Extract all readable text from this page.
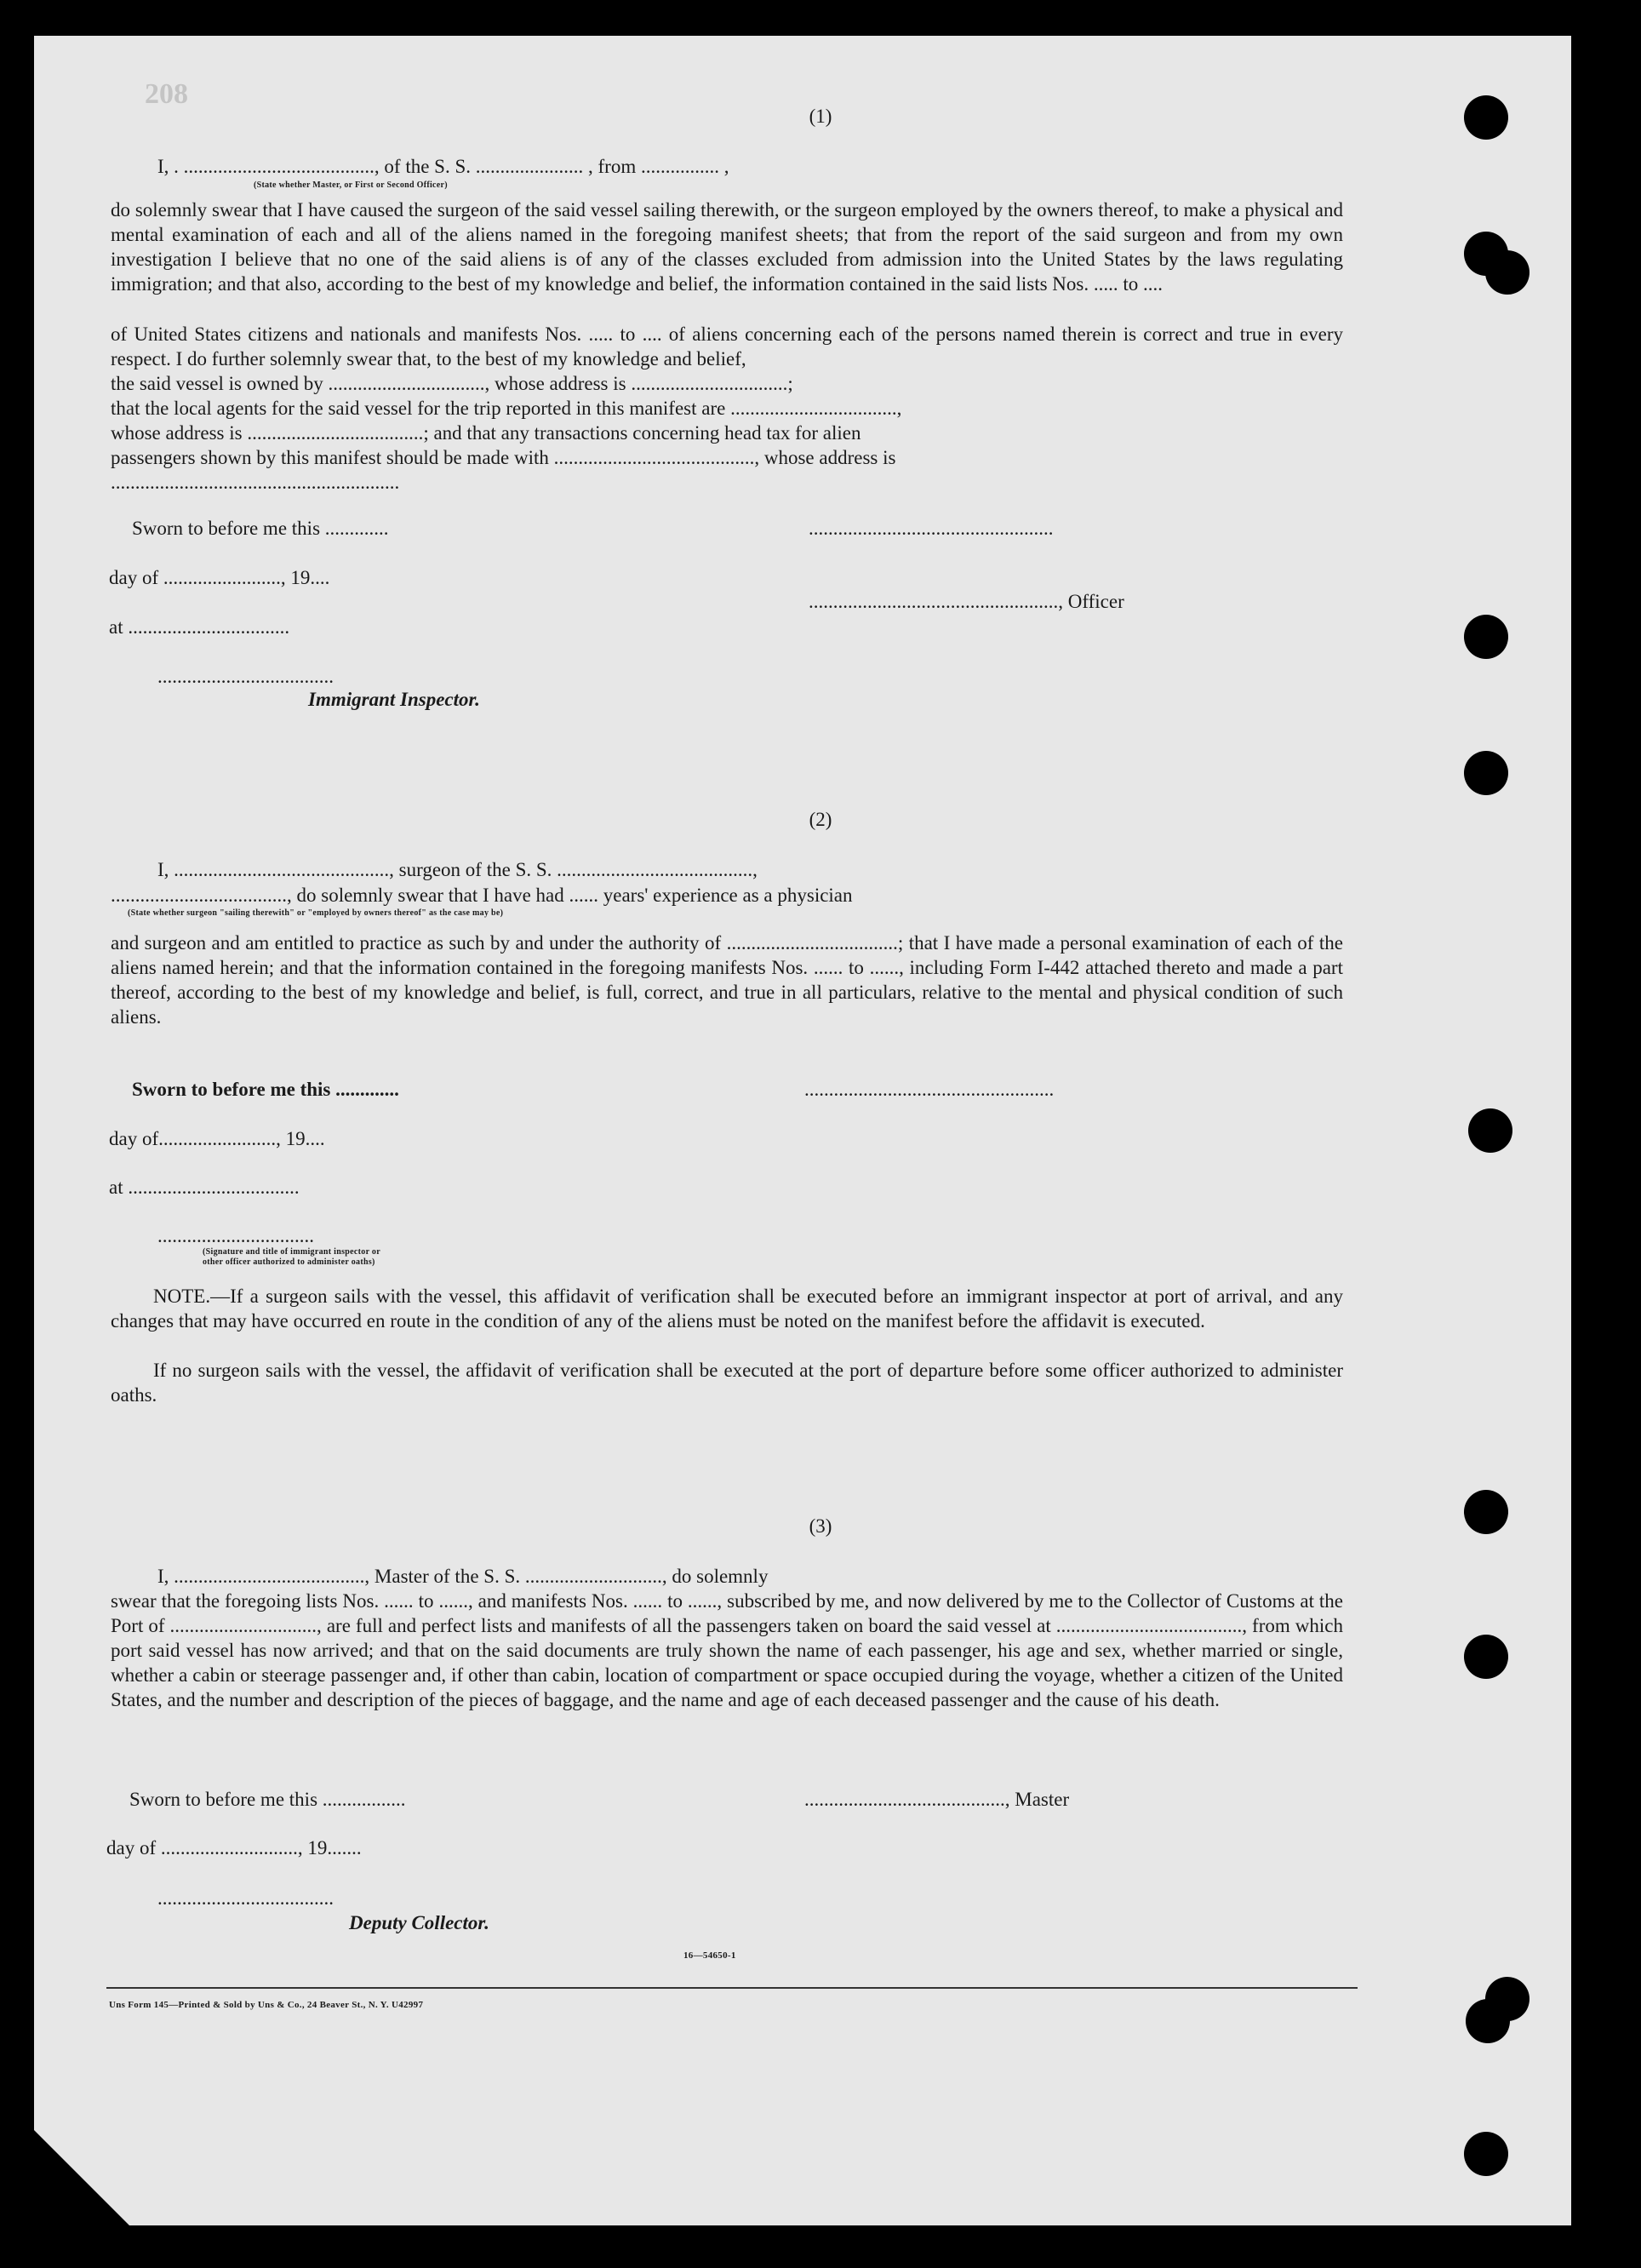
208
(1)
I, . ......................................., of the S. S. ...................... , from ................ ,
(State whether Master, or First or Second Officer)
do solemnly swear that I have caused the surgeon of the said vessel sailing therewith, or the surgeon employed by the owners thereof, to make a physical and mental examination of each and all of the aliens named in the foregoing manifest sheets; that from the report of the said surgeon and from my own investigation I believe that no one of the said aliens is of any of the classes excluded from admission into the United States by the laws regulating immigration; and that also, according to the best of my knowledge and belief, the information contained in the said lists Nos. ..... to ....
of United States citizens and nationals and manifests Nos. ..... to .... of aliens concerning each of the persons named therein is correct and true in every respect. I do further solemnly swear that, to the best of my knowledge and belief,
the said vessel is owned by ................................, whose address is ................................;
that the local agents for the said vessel for the trip reported in this manifest are ..................................,
whose address is ....................................; and that any transactions concerning head tax for alien
passengers shown by this manifest should be made with ........................................., whose address is
...........................................................
Sworn to before me this .............	..................................................
day of ........................, 19....
..................................................., Officer
at .................................
....................................
Immigrant Inspector.
(2)
I, ............................................, surgeon of the S. S. ........................................,
...................................., do solemnly swear that I have had ...... years' experience as a physician
(State whether surgeon "sailing therewith" or "employed by owners thereof" as the case may be)
and surgeon and am entitled to practice as such by and under the authority of ...................................; that I have made a personal examination of each of the aliens named herein; and that the information contained in the foregoing manifests Nos. ...... to ......, including Form I-442 attached thereto and made a part thereof, according to the best of my knowledge and belief, is full, correct, and true in all particulars, relative to the mental and physical condition of such aliens.
Sworn to before me this .............	...................................................
day of........................, 19....
at ...................................
................................
(Signature and title of immigrant inspector or
other officer authorized to administer oaths)
NOTE.—If a surgeon sails with the vessel, this affidavit of verification shall be executed before an immigrant inspector at port of arrival, and any changes that may have occurred en route in the condition of any of the aliens must be noted on the manifest before the affidavit is executed.
If no surgeon sails with the vessel, the affidavit of verification shall be executed at the port of departure before some officer authorized to administer oaths.
(3)
I, ......................................., Master of the S. S. ............................, do solemnly
swear that the foregoing lists Nos. ...... to ......, and manifests Nos. ...... to ......, subscribed by me, and now delivered by me to the Collector of Customs at the Port of .............................., are full and perfect lists and manifests of all the passengers taken on board the said vessel at ......................................, from which port said vessel has now arrived; and that on the said documents are truly shown the name of each passenger, his age and sex, whether married or single, whether a cabin or steerage passenger and, if other than cabin, location of compartment or space occupied during the voyage, whether a citizen of the United States, and the number and description of the pieces of baggage, and the name and age of each deceased passenger and the cause of his death.
Sworn to before me this .................	........................................., Master
day of ............................, 19.......
....................................
Deputy Collector.
16—54650-1
Uns Form 145—Printed & Sold by Uns & Co., 24 Beaver St., N. Y. U42997
